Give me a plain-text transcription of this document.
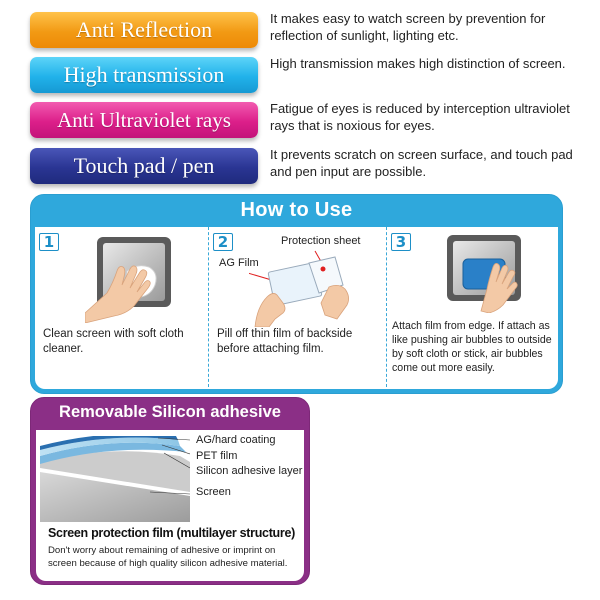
Anti Reflection	It makes easy to watch screen by prevention for reflection of sunlight, lighting etc.
High transmission	High transmission makes high distinction of screen.
Anti Ultraviolet rays	Fatigue of eyes is reduced by interception ultraviolet rays that is noxious for eyes.
Touch pad / pen	It prevents scratch on screen surface, and touch pad and pen input are possible.
How to Use
1
Clean screen with soft cloth cleaner.
2	Protection sheet
AG Film
Pill off thin film of backside before attaching film.
3
Attach film from edge. If attach as like pushing air bubbles to outside by soft cloth or stick, air bubbles come out more easily.
Removable Silicon adhesive
AG/hard coating
PET film
Silicon adhesive layer
Screen
Screen protection film (multilayer structure)
Don't worry about remaining of adhesive or imprint on screen because of high quality silicon adhesive material.
